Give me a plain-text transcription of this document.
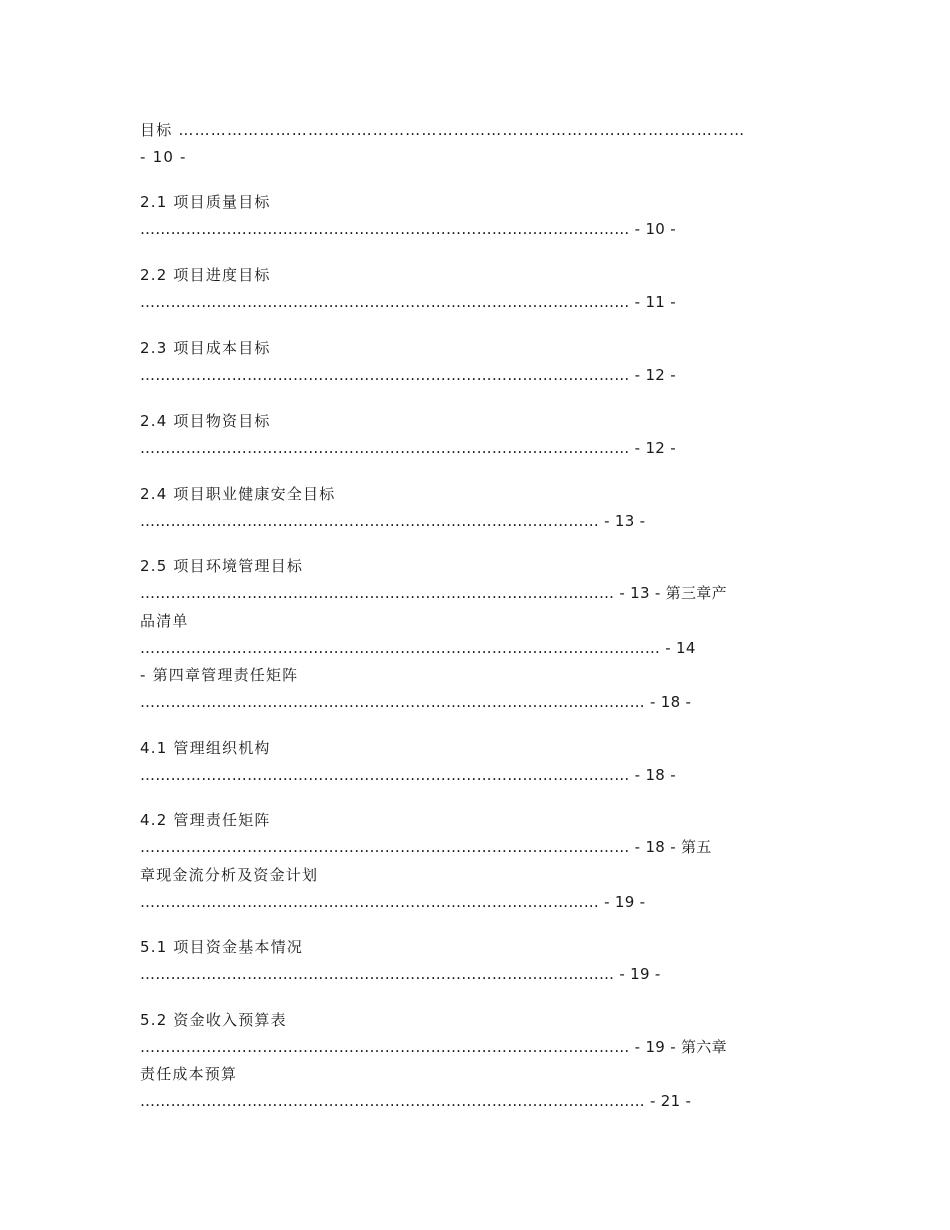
目标 ……………………………………………………………………………………………
- 10 -
2.1 项目质量目标
…………………………………………………………………………………… - 10 -
2.2 项目进度目标
…………………………………………………………………………………… - 11 -
2.3 项目成本目标
…………………………………………………………………………………… - 12 -
2.4 项目物资目标
…………………………………………………………………………………… - 12 -
2.4 项目职业健康安全目标
……………………………………………………………………………… - 13 -
2.5 项目环境管理目标
………………………………………………………………………………… - 13 - 第三章产
品清单
………………………………………………………………………………………… - 14
- 第四章管理责任矩阵
……………………………………………………………………………………… - 18 -
4.1 管理组织机构
…………………………………………………………………………………… - 18 -
4.2 管理责任矩阵
…………………………………………………………………………………… - 18 - 第五
章现金流分析及资金计划
……………………………………………………………………………… - 19 -
5.1 项目资金基本情况
………………………………………………………………………………… - 19 -
5.2 资金收入预算表
…………………………………………………………………………………… - 19 - 第六章
责任成本预算
……………………………………………………………………………………… - 21 -
